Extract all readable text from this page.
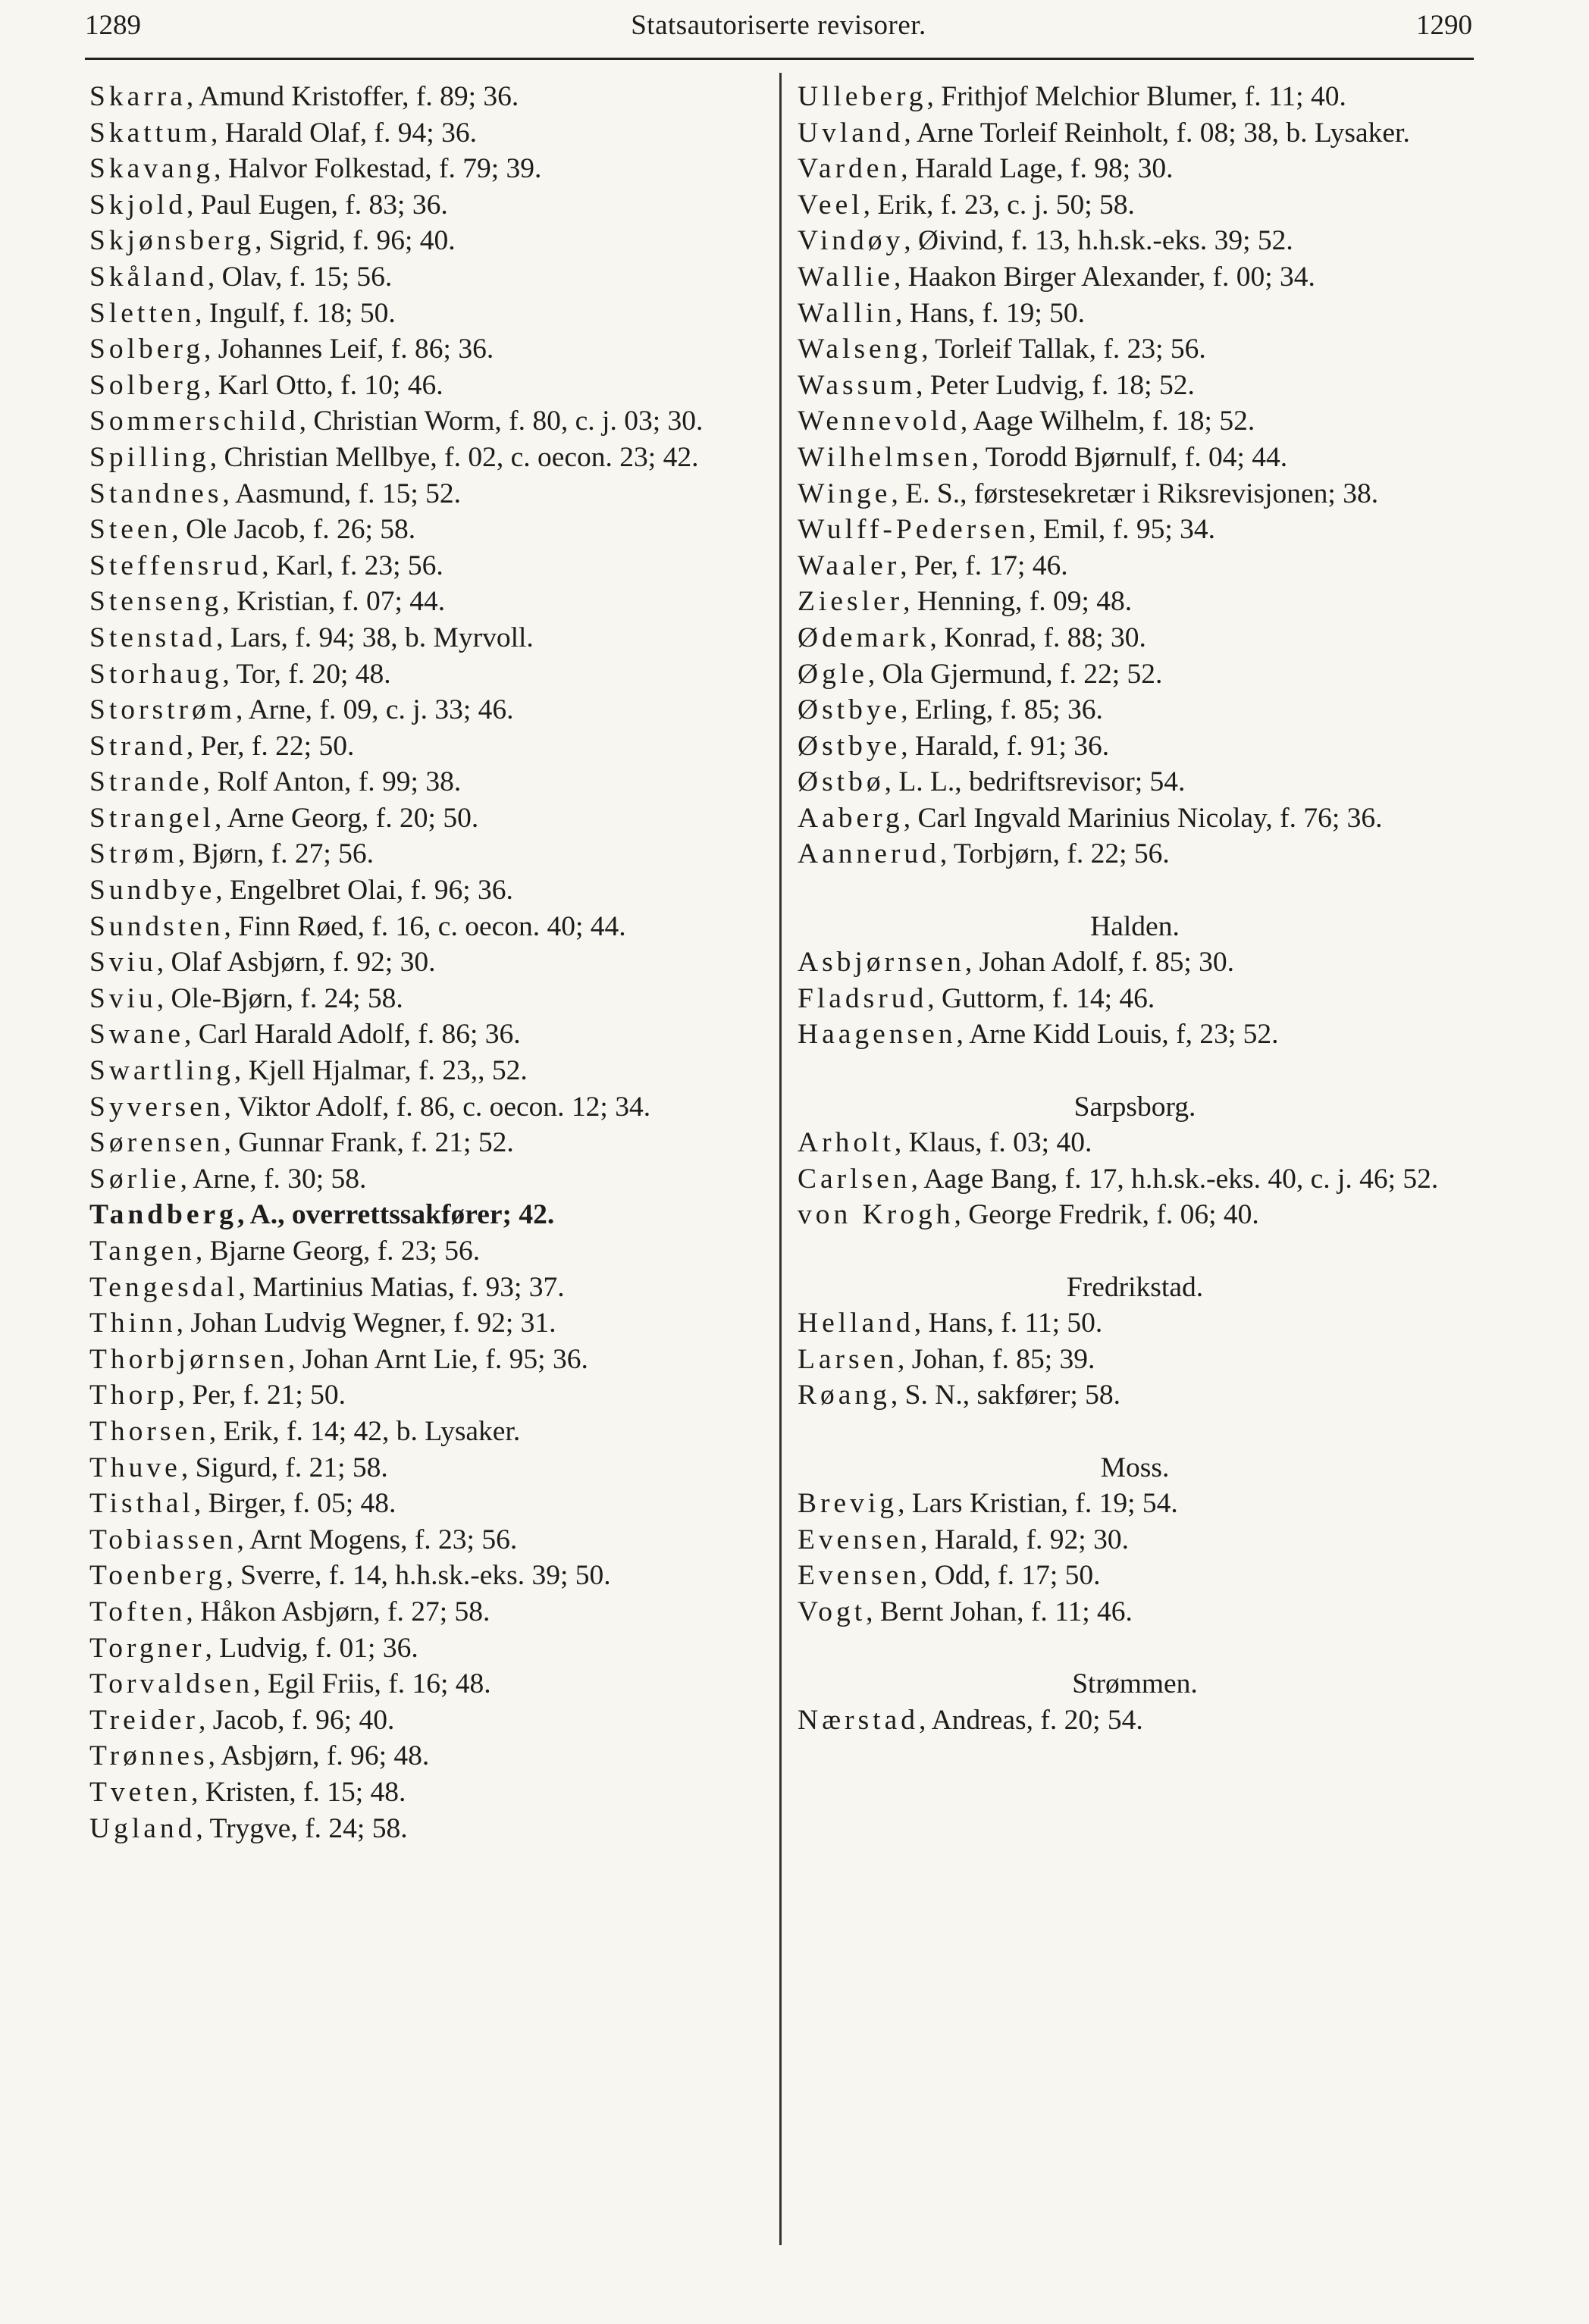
1289	Statsautoriserte revisorer.	1290
Skarra, Amund Kristoffer, f. 89; 36.
Skattum, Harald Olaf, f. 94; 36.
Skavang, Halvor Folkestad, f. 79; 39.
Skjold, Paul Eugen, f. 83; 36.
Skjønsberg, Sigrid, f. 96; 40.
Skåland, Olav, f. 15; 56.
Sletten, Ingulf, f. 18; 50.
Solberg, Johannes Leif, f. 86; 36.
Solberg, Karl Otto, f. 10; 46.
Sommerschild, Christian Worm, f. 80, c. j. 03; 30.
Spilling, Christian Mellbye, f. 02, c. oecon. 23; 42.
Standnes, Aasmund, f. 15; 52.
Steen, Ole Jacob, f. 26; 58.
Steffensrud, Karl, f. 23; 56.
Stenseng, Kristian, f. 07; 44.
Stenstad, Lars, f. 94; 38, b. Myrvoll.
Storhaug, Tor, f. 20; 48.
Storstrøm, Arne, f. 09, c. j. 33; 46.
Strand, Per, f. 22; 50.
Strande, Rolf Anton, f. 99; 38.
Strangel, Arne Georg, f. 20; 50.
Strøm, Bjørn, f. 27; 56.
Sundbye, Engelbret Olai, f. 96; 36.
Sundsten, Finn Røed, f. 16, c. oecon. 40; 44.
Sviu, Olaf Asbjørn, f. 92; 30.
Sviu, Ole-Bjørn, f. 24; 58.
Swane, Carl Harald Adolf, f. 86; 36.
Swartling, Kjell Hjalmar, f. 23,, 52.
Syversen, Viktor Adolf, f. 86, c. oecon. 12; 34.
Sørensen, Gunnar Frank, f. 21; 52.
Sørlie, Arne, f. 30; 58.
Tandberg, A., overrettssakfører; 42.
Tangen, Bjarne Georg, f. 23; 56.
Tengesdal, Martinius Matias, f. 93; 37.
Thinn, Johan Ludvig Wegner, f. 92; 31.
Thorbjørnsen, Johan Arnt Lie, f. 95; 36.
Thorp, Per, f. 21; 50.
Thorsen, Erik, f. 14; 42, b. Lysaker.
Thuve, Sigurd, f. 21; 58.
Tisthal, Birger, f. 05; 48.
Tobiassen, Arnt Mogens, f. 23; 56.
Toenberg, Sverre, f. 14, h.h.sk.-eks. 39; 50.
Toften, Håkon Asbjørn, f. 27; 58.
Torgner, Ludvig, f. 01; 36.
Torvaldsen, Egil Friis, f. 16; 48.
Treider, Jacob, f. 96; 40.
Trønnes, Asbjørn, f. 96; 48.
Tveten, Kristen, f. 15; 48.
Ugland, Trygve, f. 24; 58.
Ulleberg, Frithjof Melchior Blumer, f. 11; 40.
Uvland, Arne Torleif Reinholt, f. 08; 38, b. Lysaker.
Varden, Harald Lage, f. 98; 30.
Veel, Erik, f. 23, c. j. 50; 58.
Vindøy, Øivind, f. 13, h.h.sk.-eks. 39; 52.
Wallie, Haakon Birger Alexander, f. 00; 34.
Wallin, Hans, f. 19; 50.
Walseng, Torleif Tallak, f. 23; 56.
Wassum, Peter Ludvig, f. 18; 52.
Wennevold, Aage Wilhelm, f. 18; 52.
Wilhelmsen, Torodd Bjørnulf, f. 04; 44.
Winge, E. S., førstesekretær i Riksrevisjonen; 38.
Wulff-Pedersen, Emil, f. 95; 34.
Waaler, Per, f. 17; 46.
Ziesler, Henning, f. 09; 48.
Ødemark, Konrad, f. 88; 30.
Øgle, Ola Gjermund, f. 22; 52.
Østbye, Erling, f. 85; 36.
Østbye, Harald, f. 91; 36.
Østbø, L. L., bedriftsrevisor; 54.
Aaberg, Carl Ingvald Marinius Nicolay, f. 76; 36.
Aannerud, Torbjørn, f. 22; 56.
Halden.
Asbjørnsen, Johan Adolf, f. 85; 30.
Fladsrud, Guttorm, f. 14; 46.
Haagensen, Arne Kidd Louis, f, 23; 52.
Sarpsborg.
Arholt, Klaus, f. 03; 40.
Carlsen, Aage Bang, f. 17, h.h.sk.-eks. 40, c. j. 46; 52.
von Krogh, George Fredrik, f. 06; 40.
Fredrikstad.
Helland, Hans, f. 11; 50.
Larsen, Johan, f. 85; 39.
Røang, S. N., sakfører; 58.
Moss.
Brevig, Lars Kristian, f. 19; 54.
Evensen, Harald, f. 92; 30.
Evensen, Odd, f. 17; 50.
Vogt, Bernt Johan, f. 11; 46.
Strømmen.
Nærstad, Andreas, f. 20; 54.
